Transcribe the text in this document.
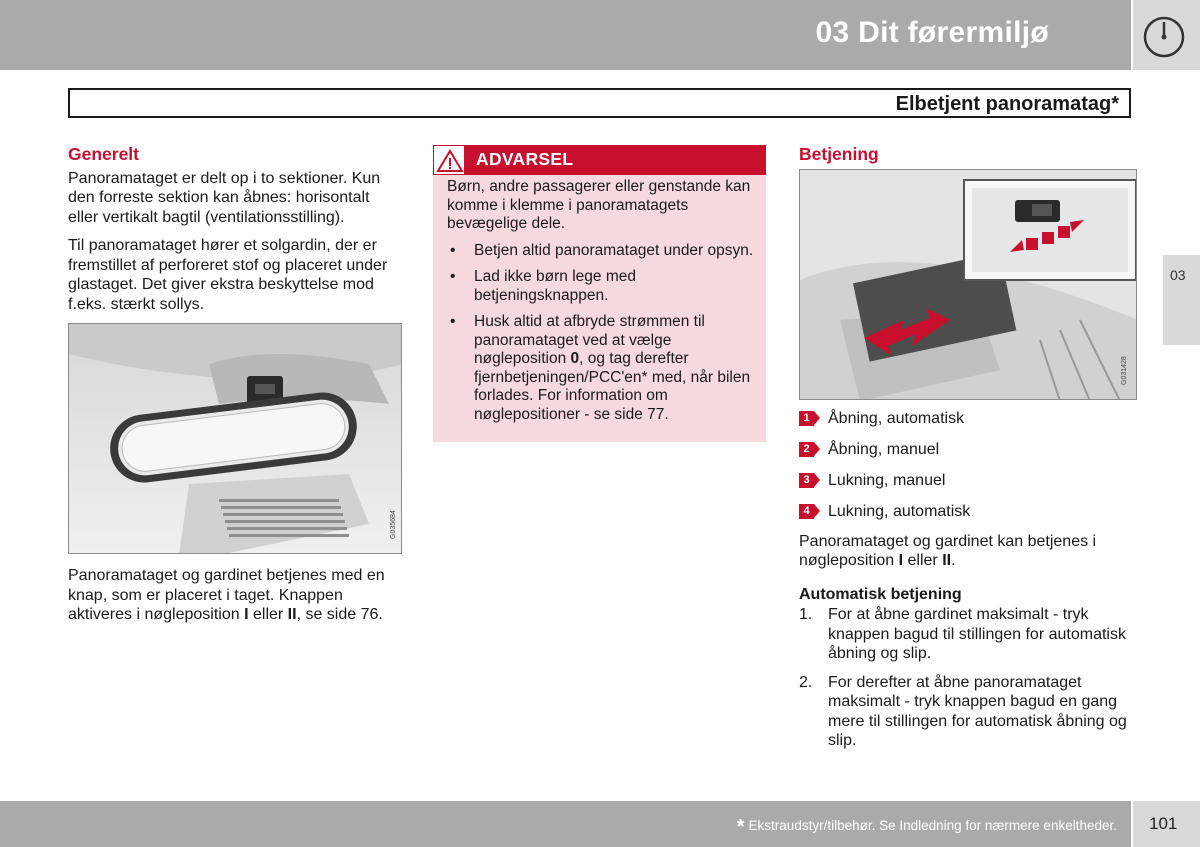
03 Dit førermiljø
03
Elbetjent panoramatag*
Generelt

Panoramataget er delt op i to sektioner. Kun den forreste sektion kan åbnes: horisontalt eller vertikalt bagtil (ventilationsstilling).

Til panoramataget hører et solgardin, der er fremstillet af perforeret stof og placeret under glastaget. Det giver ekstra beskyttelse mod f.eks. stærkt sollys.

G035684

Panoramataget og gardinet betjenes med en knap, som er placeret i taget. Knappen aktiveres i nøgleposition I eller II, se side 76.

ADVARSEL

Børn, andre passagerer eller genstande kan komme i klemme i panoramatagets bevægelige dele.

• Betjen altid panoramataget under opsyn.
• Lad ikke børn lege med betjeningsknappen.
• Husk altid at afbryde strømmen til panoramataget ved at vælge nøgleposition 0, og tag derefter fjernbetjeningen/PCC'en* med, når bilen forlades. For information om nøglepositioner - se side 77.
Betjening
G031428
1 Åbning, automatisk
2 Åbning, manuel
3 Lukning, manuel
4 Lukning, automatisk

Panoramataget og gardinet kan betjenes i nøgleposition I eller II.

Automatisk betjening
1. For at åbne gardinet maksimalt - tryk knappen bagud til stillingen for automatisk åbning og slip.
2. For derefter at åbne panoramataget maksimalt - tryk knappen bagud en gang mere til stillingen for automatisk åbning og slip.
* Ekstraudstyr/tilbehør. Se Indledning for nærmere enkeltheder. 101
